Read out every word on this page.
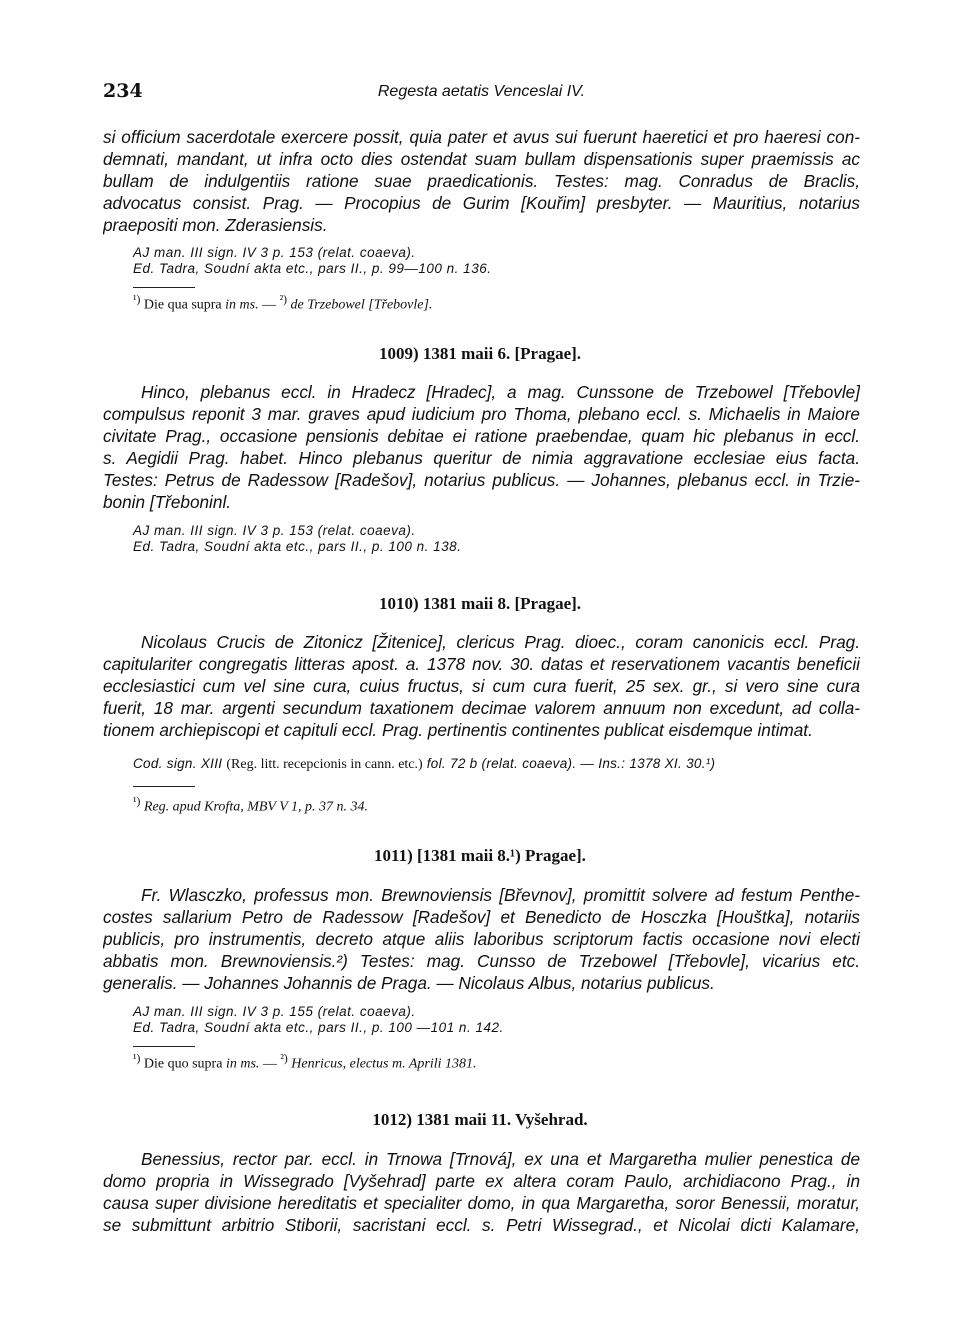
234	Regesta aetatis Venceslai IV.
si officium sacerdotale exercere possit, quia pater et avus sui fuerunt haeretici et pro haeresi con-
demnati, mandant, ut infra octo dies ostendat suam bullam dispensationis super praemissis ac
bullam de indulgentiis ratione suae praedicationis. Testes: mag. Conradus de Braclis,
advocatus consist. Prag. — Procopius de Gurim [Kouřim] presbyter. — Mauritius, notarius
praepositi mon. Zderasiensis.
AJ man. III sign. IV 3 p. 153 (relat. coaeva).
Ed. Tadra, Soudní akta etc., pars II., p. 99—100 n. 136.
$^{^1)}$ Die qua supra in ms. — $^{^2)}$ de Trzebowel [Třebovle].
1009) 1381 maii 6. [Pragae].
Hinco, plebanus eccl. in Hradecz [Hradec], a mag. Cunssone de Trzebowel [Třebovle]
compulsus reponit 3 mar. graves apud iudicium pro Thoma, plebano eccl. s. Michaelis in Maiore
civitate Prag., occasione pensionis debitae ei ratione praebendae, quam hic plebanus in eccl.
s. Aegidii Prag. habet. Hinco plebanus queritur de nimia aggravatione ecclesiae eius facta.
Testes: Petrus de Radessow [Radešov], notarius publicus. — Johannes, plebanus eccl. in Trzie-
bonin [Třeboninl.
AJ man. III sign. IV 3 p. 153 (relat. coaeva).
Ed. Tadra, Soudní akta etc., pars II., p. 100 n. 138.
1010) 1381 maii 8. [Pragae].
Nicolaus Crucis de Zitonicz [Žitenice], clericus Prag. dioec., coram canonicis eccl. Prag.
capitulariter congregatis litteras apost. a. 1378 nov. 30. datas et reservationem vacantis beneficii
ecclesiastici cum vel sine cura, cuius fructus, si cum cura fuerit, 25 sex. gr., si vero sine cura
fuerit, 18 mar. argenti secundum taxationem decimae valorem annuum non excedunt, ad colla-
tionem archiepiscopi et capituli eccl. Prag. pertinentis continentes publicat eisdemque intimat.
Cod. sign. XIII (Reg. litt. recepcionis in cann. etc.) fol. 72 b (relat. coaeva). — Ins.: 1378 XI. 30.¹)
$^{^1)}$ Reg. apud Krofta, MBV V 1, p. 37 n. 34.
1011) [1381 maii 8.¹) Pragae].
Fr. Wlasczko, professus mon. Brewnoviensis [Břevnov], promittit solvere ad festum Penthe-
costes sallarium Petro de Radessow [Radešov] et Benedicto de Hosczka [Houštka], notariis
publicis, pro instrumentis, decreto atque aliis laboribus scriptorum factis occasione novi electi
abbatis mon. Brewnoviensis.²) Testes: mag. Cunsso de Trzebowel [Třebovle], vicarius etc.
generalis. — Johannes Johannis de Praga. — Nicolaus Albus, notarius publicus.
AJ man. III sign. IV 3 p. 155 (relat. coaeva).
Ed. Tadra, Soudní akta etc., pars II., p. 100 —101 n. 142.
$^{^1)}$ Die quo supra in ms. — $^{^2)}$ Henricus, electus m. Aprili 1381.
1012) 1381 maii 11. Vyšehrad.
Benessius, rector par. eccl. in Trnowa [Trnová], ex una et Margaretha mulier penestica de
domo propria in Wissegrado [Vyšehrad] parte ex altera coram Paulo, archidiacono Prag., in
causa super divisione hereditatis et specialiter domo, in qua Margaretha, soror Benessii, moratur,
se submittunt arbitrio Stiborii, sacristani eccl. s. Petri Wissegrad., et Nicolai dicti Kalamare,
